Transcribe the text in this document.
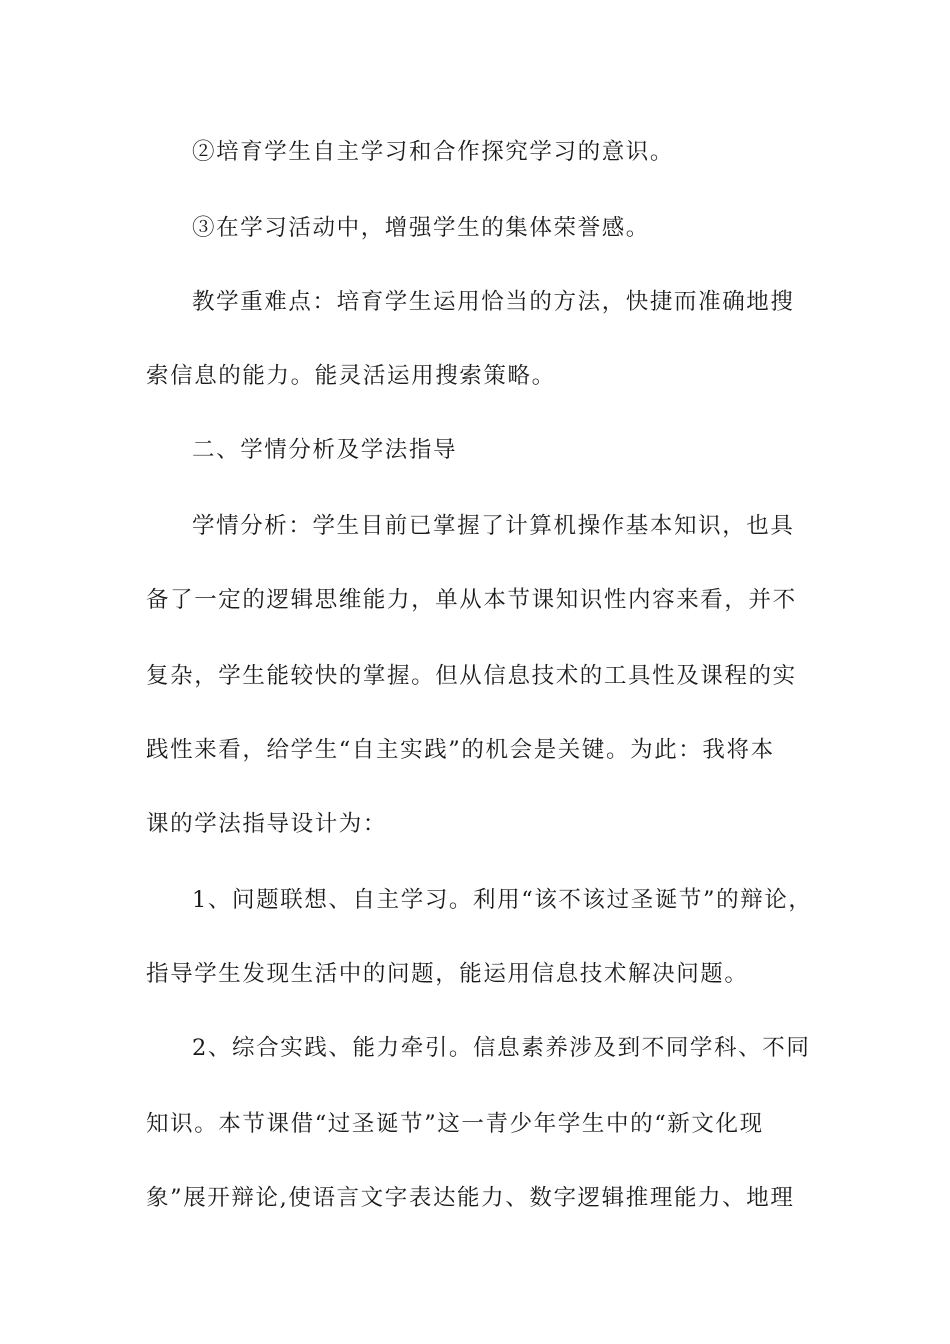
②培育学生自主学习和合作探究学习的意识。
③在学习活动中，增强学生的集体荣誉感。
教学重难点：培育学生运用恰当的方法，快捷而准确地搜
索信息的能力。能灵活运用搜索策略。
二、学情分析及学法指导
学情分析：学生目前已掌握了计算机操作基本知识，也具
备了一定的逻辑思维能力，单从本节课知识性内容来看，并不
复杂，学生能较快的掌握。但从信息技术的工具性及课程的实
践性来看，给学生“自主实践”的机会是关键。为此：我将本
课的学法指导设计为：
1、问题联想、自主学习。利用“该不该过圣诞节”的辩论，
指导学生发现生活中的问题，能运用信息技术解决问题。
2、综合实践、能力牵引。信息素养涉及到不同学科、不同
知识。本节课借“过圣诞节”这一青少年学生中的“新文化现
象”展开辩论,使语言文字表达能力、数字逻辑推理能力、地理
